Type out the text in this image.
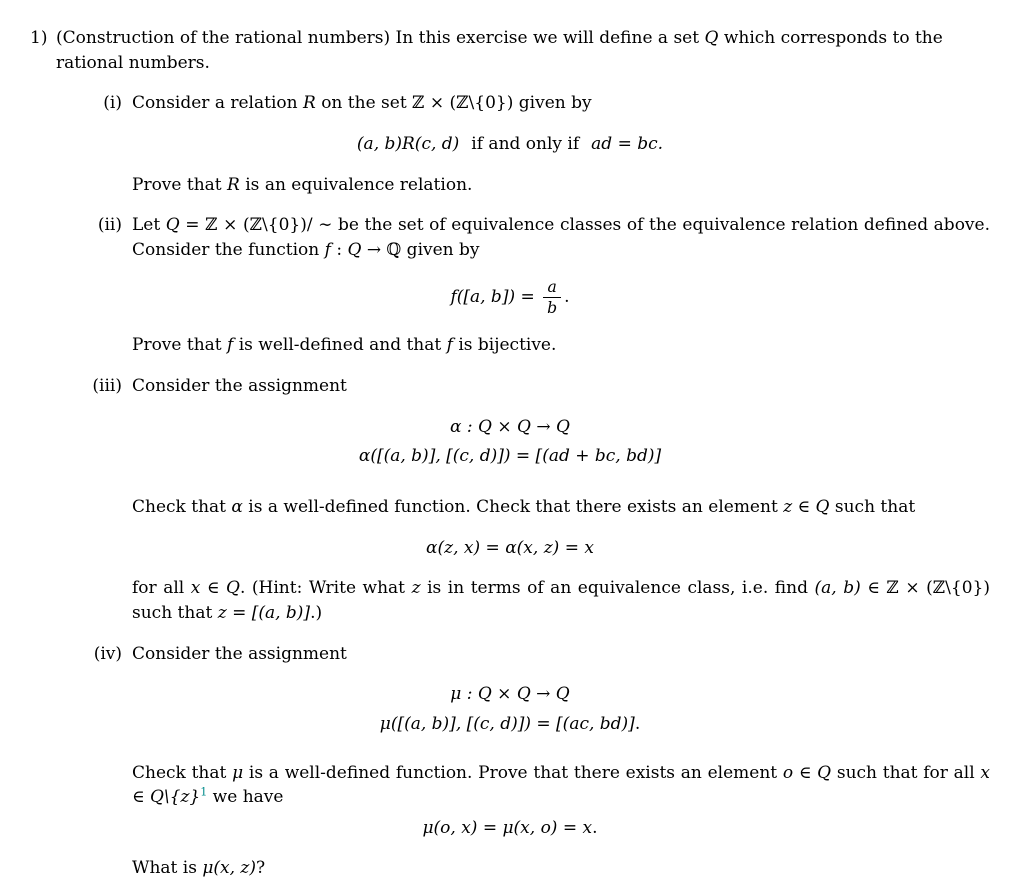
1) (Construction of the rational numbers) In this exercise we will define a set Q which corresponds to the rational numbers.
(i) Consider a relation R on the set ℤ × (ℤ\{0}) given by
(a, b)R(c, d) if and only if ad = bc.
Prove that R is an equivalence relation.
(ii) Let Q = ℤ × (ℤ\{0})/ ∼ be the set of equivalence classes of the equivalence relation defined above. Consider the function f : Q → ℚ given by
f([a, $b]) = \frac{a}{b}$ .
Prove that f is well-defined and that f is bijective.
(iii) Consider the assignment
α : Q × Q → Q
α([(a, b)], [(c, d)]) = [(ad + bc, bd)]
Check that α is a well-defined function. Check that there exists an element z ∈ Q such that
α(z, x) = α(x, z) = x
for all x ∈ Q. (Hint: Write what z is in terms of an equivalence class, i.e. find (a, b) ∈ ℤ × (ℤ\{0}) such that z = [(a, b)].)
(iv) Consider the assignment
μ : Q × Q → Q
μ([(a, b)], [(c, d)]) = [(ac, bd)].
Check that μ is a well-defined function. Prove that there exists an element o ∈ Q such that for all x ∈ $Q\backslash\{z\}^1$ we have
μ(o, x) = μ(x, o) = x.
What is μ(x, z)?
